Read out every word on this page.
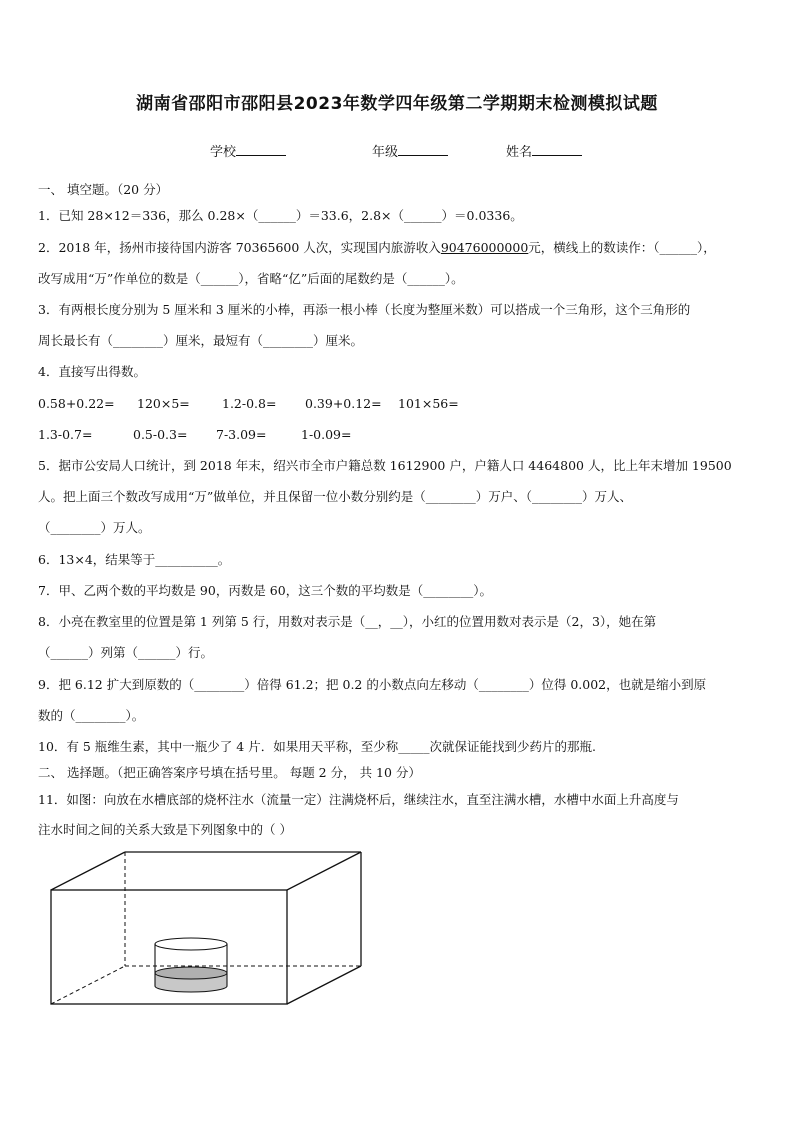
湖南省邵阳市邵阳县2023年数学四年级第二学期期末检测模拟试题
学校	年级	姓名
一、 填空题。（20 分）
1．已知 28×12＝336，那么 0.28×（______）＝33.6，2.8×（______）＝0.0336。
2．2018 年，扬州市接待国内游客 70365600 人次，实现国内旅游收入90476000000元，横线上的数读作：（______），
改写成用“万”作单位的数是（______），省略“亿”后面的尾数约是（______）。
3．有两根长度分别为 5 厘米和 3 厘米的小棒，再添一根小棒（长度为整厘米数）可以搭成一个三角形，这个三角形的
周长最长有（________）厘米，最短有（________）厘米。
4．直接写出得数。
0.58+0.22= 120×5=	1.2-0.8= 0.39+0.12= 101×56=
1.3-0.7=	0.5-0.3= 7-3.09=	1-0.09=
5．据市公安局人口统计，到 2018 年末，绍兴市全市户籍总数 1612900 户，户籍人口 4464800 人，比上年末增加 19500
人。把上面三个数改写成用“万”做单位，并且保留一位小数分别约是（________）万户、（________）万人、
（________）万人。
6．13×4，结果等于__________。
7．甲、乙两个数的平均数是 90，丙数是 60，这三个数的平均数是（________）。
8．小亮在教室里的位置是第 1 列第 5 行，用数对表示是（__，__），小红的位置用数对表示是（2，3），她在第
（______）列第（______）行。
9．把 6.12 扩大到原数的（________）倍得 61.2；把 0.2 的小数点向左移动（________）位得 0.002，也就是缩小到原
数的（________）。
10．有 5 瓶维生素，其中一瓶少了 4 片．如果用天平称，至少称_____次就保证能找到少药片的那瓶.
二、 选择题。（把正确答案序号填在括号里。 每题 2 分， 共 10 分）
11．如图：向放在水槽底部的烧杯注水（流量一定）注满烧杯后，继续注水，直至注满水槽，水槽中水面上升高度与
注水时间之间的关系大致是下列图象中的（ ）
